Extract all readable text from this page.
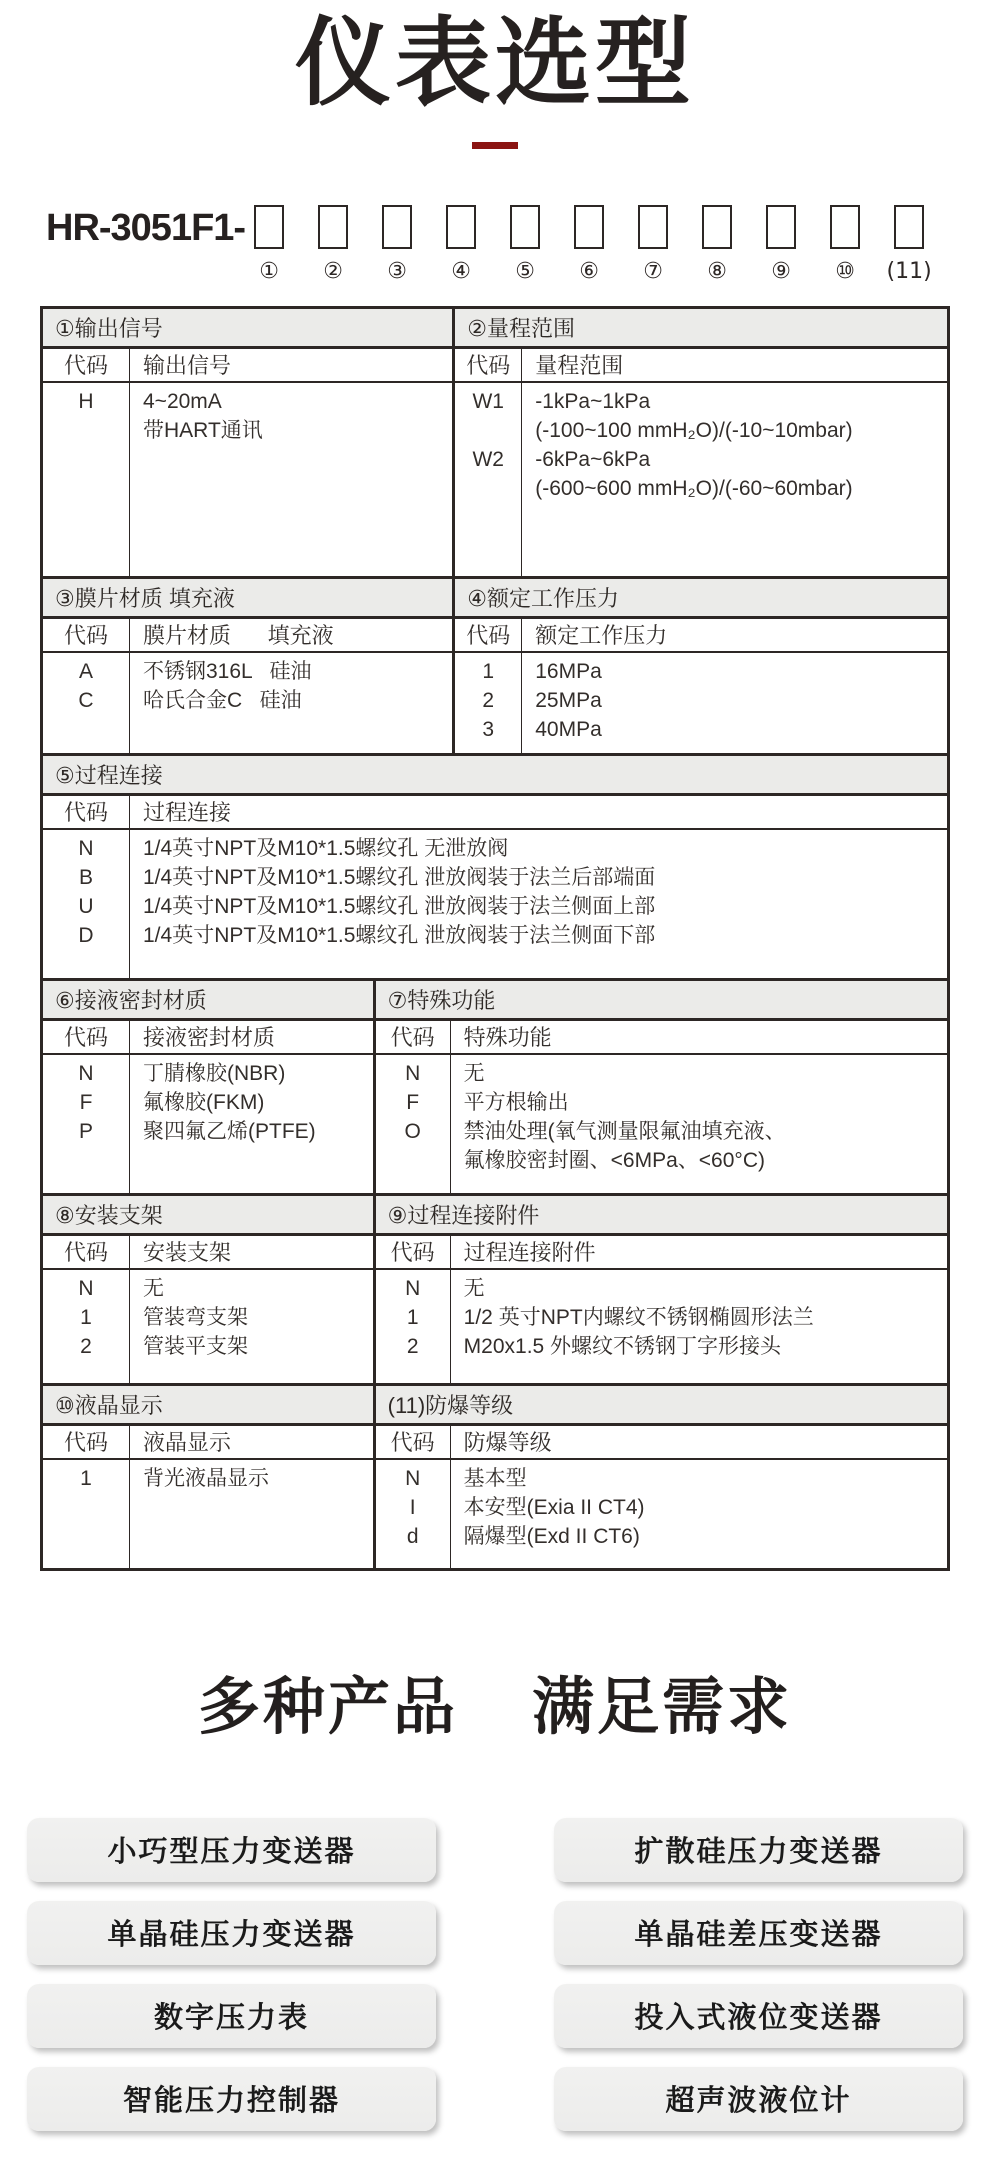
仪表选型
HR-3051F1-
① ② ③ ④ ⑤ ⑥ ⑦ ⑧ ⑨ ⑩ (11)
①输出信号
代码	输出信号
H	4~20mA
带HART通讯
②量程范围
代码	量程范围
W1	-1kPa~1kPa
(-100~100 mmH₂O)/(-10~10mbar)
W2	-6kPa~6kPa
(-600~600 mmH₂O)/(-60~60mbar)
③膜片材质 填充液
代码	膜片材质      填充液
A	不锈钢316L   硅油
C	哈氏合金C   硅油
④额定工作压力
代码	额定工作压力
1	16MPa
2	25MPa
3	40MPa
⑤过程连接
代码	过程连接
N	1/4英寸NPT及M10*1.5螺纹孔 无泄放阀
B	1/4英寸NPT及M10*1.5螺纹孔 泄放阀装于法兰后部端面
U	1/4英寸NPT及M10*1.5螺纹孔 泄放阀装于法兰侧面上部
D	1/4英寸NPT及M10*1.5螺纹孔 泄放阀装于法兰侧面下部
⑥接液密封材质
代码	接液密封材质
N	丁腈橡胶(NBR)
F	氟橡胶(FKM)
P	聚四氟乙烯(PTFE)
⑦特殊功能
代码	特殊功能
N	无
F	平方根输出
O	禁油处理(氧气测量限氟油填充液、
氟橡胶密封圈、<6MPa、<60°C)
⑧安装支架
代码	安装支架
N	无
1	管装弯支架
2	管装平支架
⑨过程连接附件
代码	过程连接附件
N	无
1	1/2 英寸NPT内螺纹不锈钢椭圆形法兰
2	M20x1.5 外螺纹不锈钢丁字形接头
⑩液晶显示
代码	液晶显示
1	背光液晶显示
(11)防爆等级
代码	防爆等级
N	基本型
I	本安型(Exia II CT4)
d	隔爆型(Exd II CT6)
多种产品 满足需求
小巧型压力变送器	扩散硅压力变送器
单晶硅压力变送器	单晶硅差压变送器
数字压力表	投入式液位变送器
智能压力控制器	超声波液位计
